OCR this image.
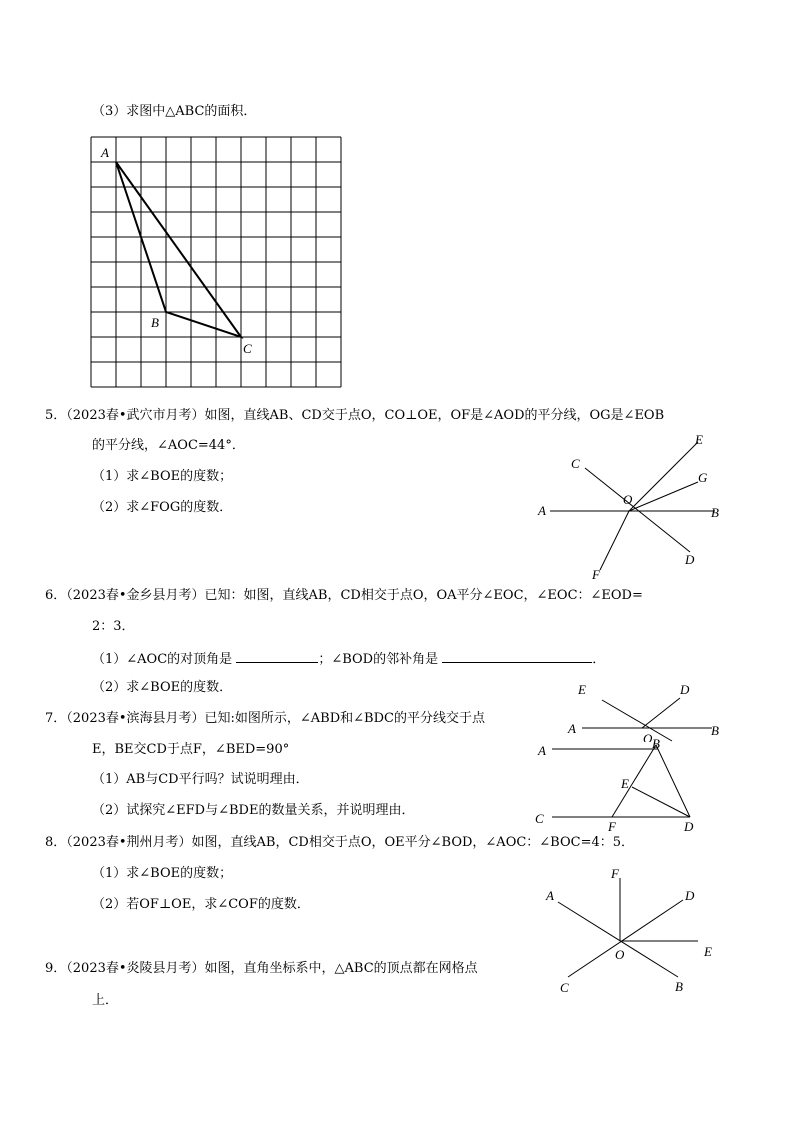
（3）求图中△ABC的面积．
A
B
C
5．（2023春•武穴市月考）如图，直线AB、CD交于点O，CO⊥OE，OF是∠AOD的平分线，OG是∠EOB
的平分线，∠AOC=44°．
（1）求∠BOE的度数；
（2）求∠FOG的度数．	A	B
C
D
E
F
G
O
6．（2023春•金乡县月考）已知：如图，直线AB，CD相交于点O，OA平分∠EOC，∠EOC：∠EOD=
2：3．
（1）∠AOC的对顶角是	；∠BOD的邻补角是	．
（2）求∠BOE的度数．
A	B
D
E
O
7．（2023春•滨海县月考）已知:如图所示，∠ABD和∠BDC的平分线交于点
E，BE交CD于点F，∠BED=90°
（1）AB与CD平行吗？试说明理由．
（2）试探究∠EFD与∠BDE的数量关系，并说明理由．
A	B
C
D
E
F
8．（2023春•荆州月考）如图，直线AB，CD相交于点O，OE平分∠BOD，∠AOC：∠BOC=4：5．
（1）求∠BOE的度数；
（2）若OF⊥OE，求∠COF的度数．
A
B
C
D
E
F
O
9．（2023春•炎陵县月考）如图，直角坐标系中，△ABC的顶点都在网格点
上．
